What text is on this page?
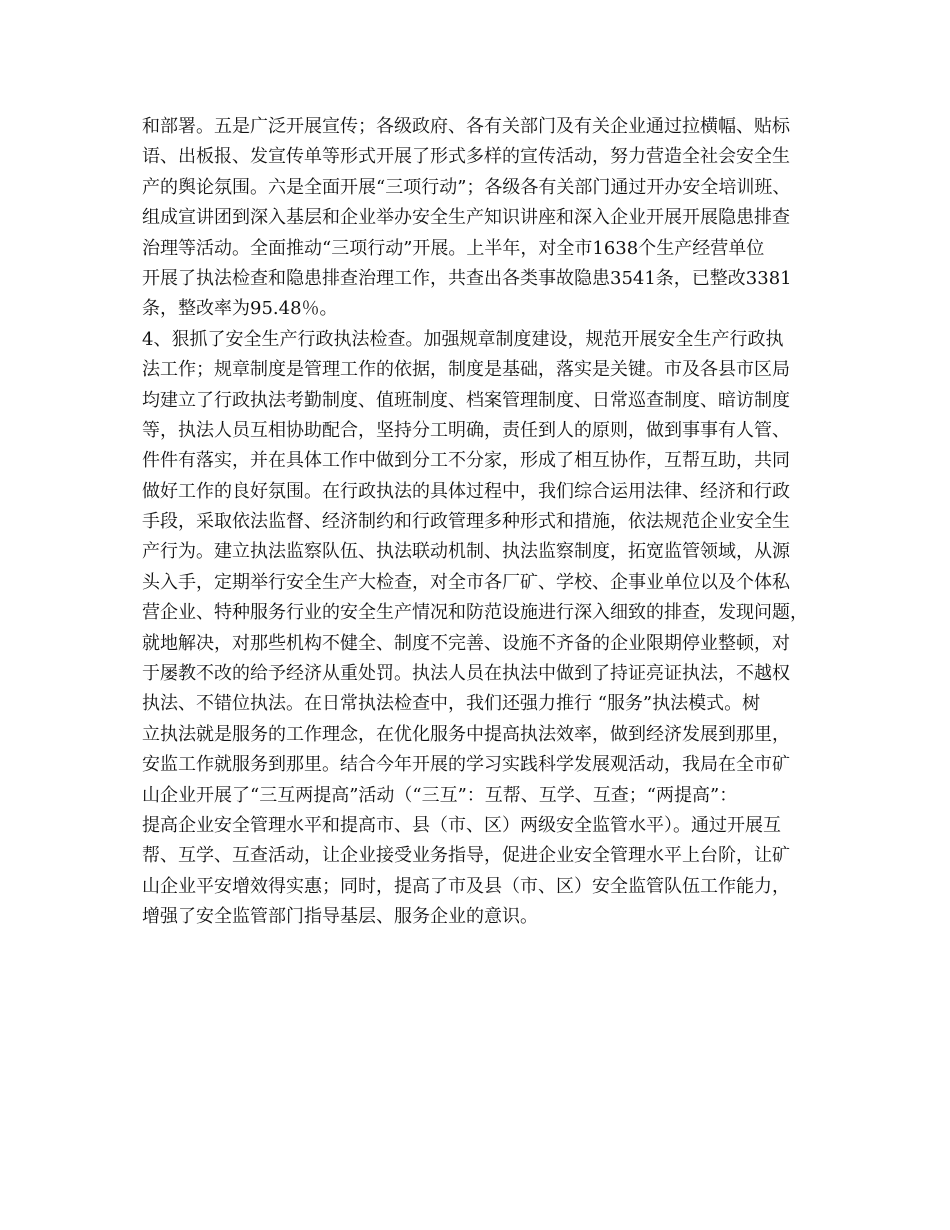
和部署。五是广泛开展宣传；各级政府、各有关部门及有关企业通过拉横幅、贴标
语、出板报、发宣传单等形式开展了形式多样的宣传活动，努力营造全社会安全生
产的舆论氛围。六是全面开展“三项行动”；各级各有关部门通过开办安全培训班、
组成宣讲团到深入基层和企业举办安全生产知识讲座和深入企业开展开展隐患排查
治理等活动。全面推动“三项行动”开展。上半年，对全市1638个生产经营单位
开展了执法检查和隐患排查治理工作，共查出各类事故隐患3541条，已整改3381
条，整改率为95.48％。
4、狠抓了安全生产行政执法检查。加强规章制度建设，规范开展安全生产行政执
法工作；规章制度是管理工作的依据，制度是基础，落实是关键。市及各县市区局
均建立了行政执法考勤制度、值班制度、档案管理制度、日常巡查制度、暗访制度
等，执法人员互相协助配合，坚持分工明确，责任到人的原则，做到事事有人管、
件件有落实，并在具体工作中做到分工不分家，形成了相互协作，互帮互助，共同
做好工作的良好氛围。在行政执法的具体过程中，我们综合运用法律、经济和行政
手段，采取依法监督、经济制约和行政管理多种形式和措施，依法规范企业安全生
产行为。建立执法监察队伍、执法联动机制、执法监察制度，拓宽监管领域，从源
头入手，定期举行安全生产大检查，对全市各厂矿、学校、企事业单位以及个体私
营企业、特种服务行业的安全生产情况和防范设施进行深入细致的排查，发现问题，
就地解决，对那些机构不健全、制度不完善、设施不齐备的企业限期停业整顿，对
于屡教不改的给予经济从重处罚。执法人员在执法中做到了持证亮证执法，不越权
执法、不错位执法。在日常执法检查中，我们还强力推行 “服务”执法模式。树
立执法就是服务的工作理念，在优化服务中提高执法效率，做到经济发展到那里，
安监工作就服务到那里。结合今年开展的学习实践科学发展观活动，我局在全市矿
山企业开展了“三互两提高”活动（“三互”：互帮、互学、互查；“两提高”：
提高企业安全管理水平和提高市、县（市、区）两级安全监管水平）。通过开展互
帮、互学、互查活动，让企业接受业务指导，促进企业安全管理水平上台阶，让矿
山企业平安增效得实惠；同时，提高了市及县（市、区）安全监管队伍工作能力，
增强了安全监管部门指导基层、服务企业的意识。
